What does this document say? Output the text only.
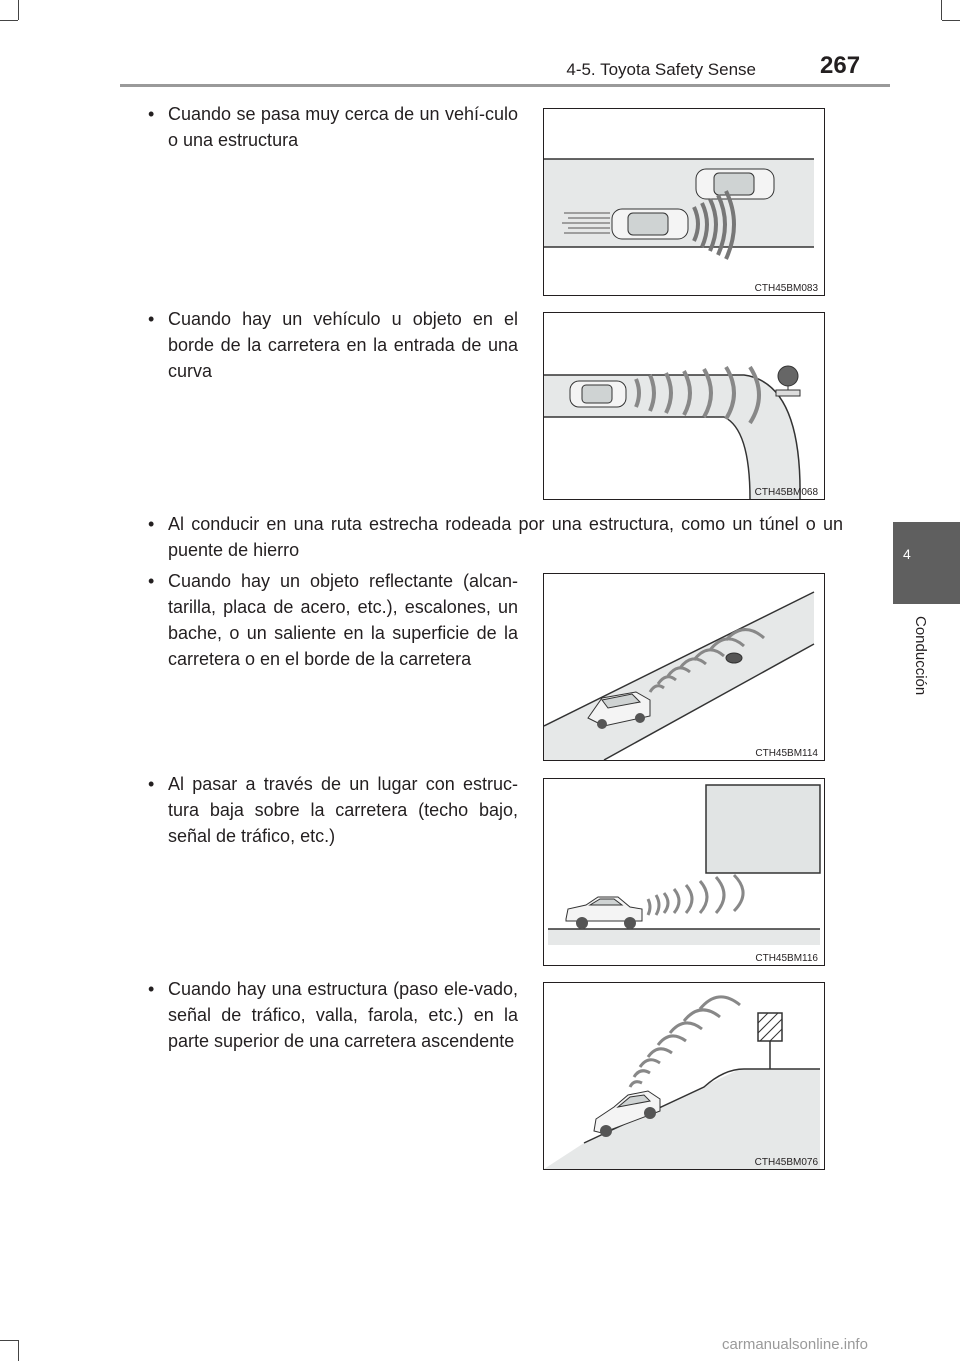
4-5. Toyota Safety Sense	267
4
Conducción
• Cuando se pasa muy cerca de un vehí-culo o una estructura
• Cuando hay un vehículo u objeto en el borde de la carretera en la entrada de una curva
• Al conducir en una ruta estrecha rodeada por una estructura, como un túnel o un puente de hierro
• Cuando hay un objeto reflectante (alcan-tarilla, placa de acero, etc.), escalones, un bache, o un saliente en la superficie de la carretera o en el borde de la carretera
• Al pasar a través de un lugar con estruc-tura baja sobre la carretera (techo bajo, señal de tráfico, etc.)
• Cuando hay una estructura (paso ele-vado, señal de tráfico, valla, farola, etc.) en la parte superior de una carretera ascendente
CTH45BM083
CTH45BM068
CTH45BM114
CTH45BM116
CTH45BM076
carmanualsonline.info
